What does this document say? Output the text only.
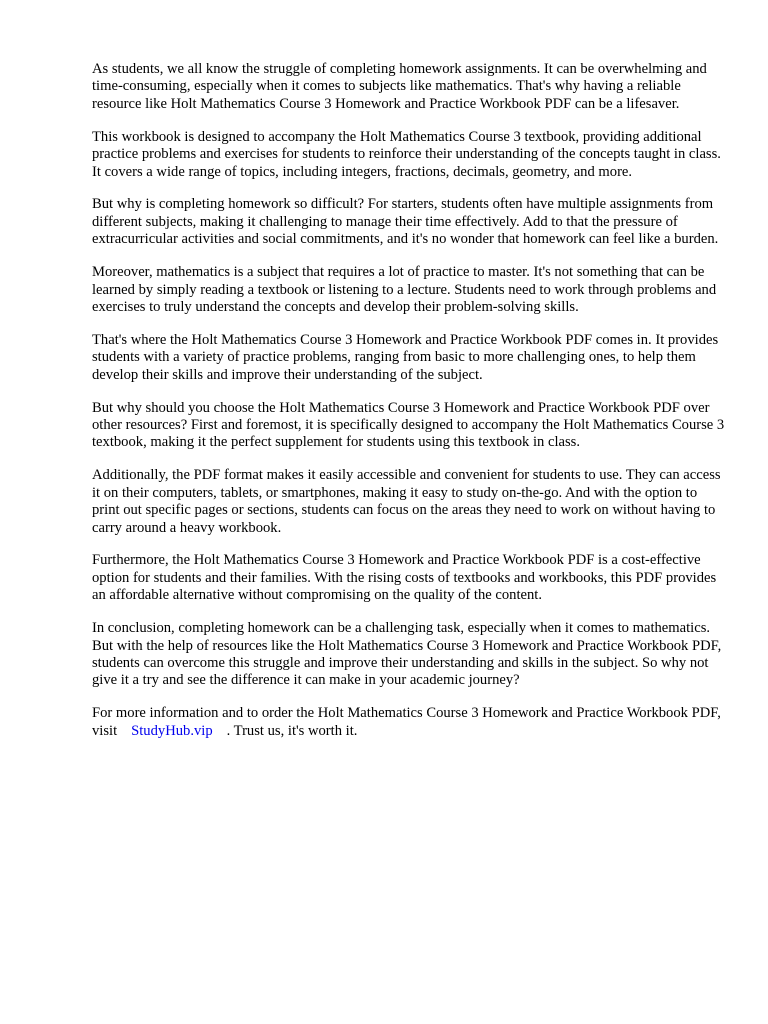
As students, we all know the struggle of completing homework assignments. It can be overwhelming and time-consuming, especially when it comes to subjects like mathematics. That's why having a reliable resource like Holt Mathematics Course 3 Homework and Practice Workbook PDF can be a lifesaver.

This workbook is designed to accompany the Holt Mathematics Course 3 textbook, providing additional practice problems and exercises for students to reinforce their understanding of the concepts taught in class. It covers a wide range of topics, including integers, fractions, decimals, geometry, and more.

But why is completing homework so difficult? For starters, students often have multiple assignments from different subjects, making it challenging to manage their time effectively. Add to that the pressure of extracurricular activities and social commitments, and it's no wonder that homework can feel like a burden.

Moreover, mathematics is a subject that requires a lot of practice to master. It's not something that can be learned by simply reading a textbook or listening to a lecture. Students need to work through problems and exercises to truly understand the concepts and develop their problem-solving skills.

That's where the Holt Mathematics Course 3 Homework and Practice Workbook PDF comes in. It provides students with a variety of practice problems, ranging from basic to more challenging ones, to help them develop their skills and improve their understanding of the subject.

But why should you choose the Holt Mathematics Course 3 Homework and Practice Workbook PDF over other resources? First and foremost, it is specifically designed to accompany the Holt Mathematics Course 3 textbook, making it the perfect supplement for students using this textbook in class.

Additionally, the PDF format makes it easily accessible and convenient for students to use. They can access it on their computers, tablets, or smartphones, making it easy to study on-the-go. And with the option to print out specific pages or sections, students can focus on the areas they need to work on without having to carry around a heavy workbook.

Furthermore, the Holt Mathematics Course 3 Homework and Practice Workbook PDF is a cost-effective option for students and their families. With the rising costs of textbooks and workbooks, this PDF provides an affordable alternative without compromising on the quality of the content.

In conclusion, completing homework can be a challenging task, especially when it comes to mathematics. But with the help of resources like the Holt Mathematics Course 3 Homework and Practice Workbook PDF, students can overcome this struggle and improve their understanding and skills in the subject. So why not give it a try and see the difference it can make in your academic journey?

For more information and to order the Holt Mathematics Course 3 Homework and Practice Workbook PDF, visit StudyHub.vip . Trust us, it's worth it.
